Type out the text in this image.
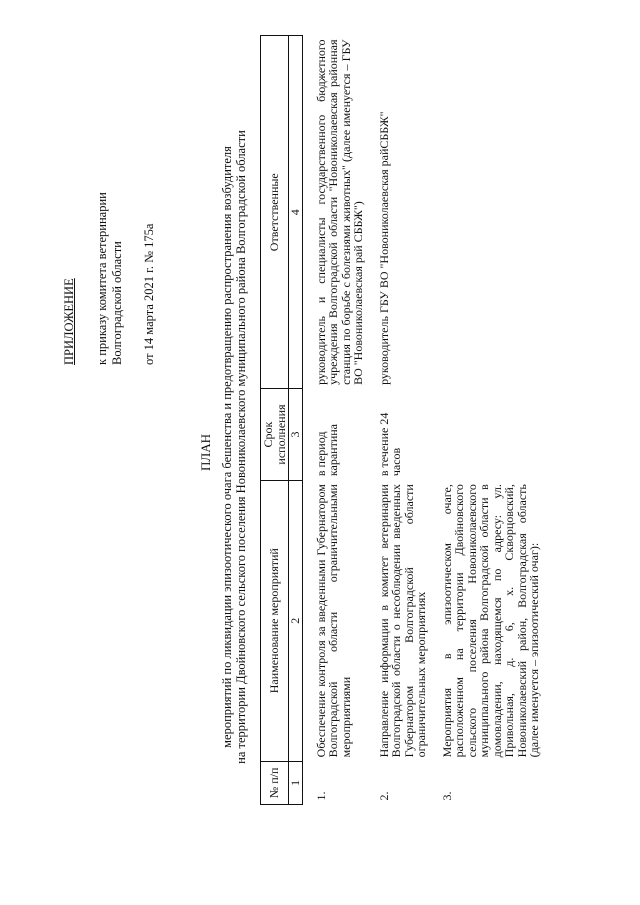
ПРИЛОЖЕНИЕ к приказу комитета ветеринарии Волгоградской области от 14 марта 2021 г. № 175а
ПЛАН мероприятий по ликвидации эпизоотического очага бешенства и предотвращению распространения возбудителя на территории Двойновского сельского поселения Новониколаевского муниципального района Волгоградской области
№ п/п	Наименование мероприятий	Срок исполнения	Ответственные
1	2	3	4
1.	Обеспечение контроля за введенными Губернатором Волгоградской области ограничительными мероприятиями	в период карантина	руководитель и специалисты государственного бюджетного учреждения Волгоградской области "Новониколаевская районная станция по борьбе с болезнями животных" (далее именуется – ГБУ ВО "Новониколаевская рай СББЖ")
2.	Направление информации в комитет ветеринарии Волгоградской области о несоблюдении введенных Губернатором Волгоградской области ограничительных мероприятиях	в течение 24 часов	руководитель ГБУ ВО "Новониколаевская райСББЖ"
3.	Мероприятия в эпизоотическом очаге, расположенном на территории Двойновского сельского поселения Новониколаевского муниципального района Волгоградской области в домовладении, находящемся по адресу: ул. Привольная, д. 6, х. Скворцовский, Новониколаевский район, Волгоградская область (далее именуется – эпизоотический очаг):		
